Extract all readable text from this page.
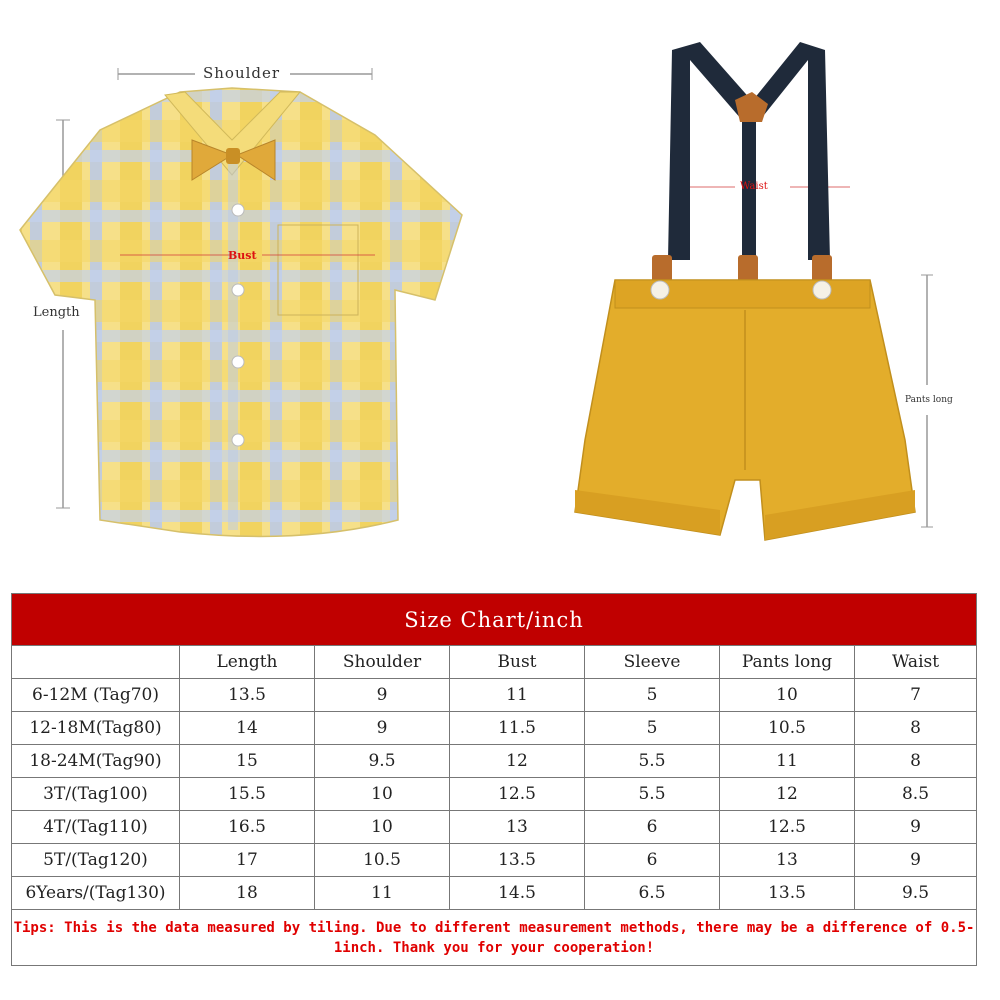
Shoulder
Length
Bust
Waist
Pants long
Size Chart/inch						
	Length	Shoulder	Bust	Sleeve	Pants long	Waist
6-12M (Tag70)	13.5	9	11	5	10	7
12-18M(Tag80)	14	9	11.5	5	10.5	8
18-24M(Tag90)	15	9.5	12	5.5	11	8
3T/(Tag100)	15.5	10	12.5	5.5	12	8.5
4T/(Tag110)	16.5	10	13	6	12.5	9
5T/(Tag120)	17	10.5	13.5	6	13	9
6Years/(Tag130)	18	11	14.5	6.5	13.5	9.5
Tips: This is the data measured by tiling. Due to different measurement methods, there may be a difference of 0.5-1inch. Thank you for your cooperation!						
